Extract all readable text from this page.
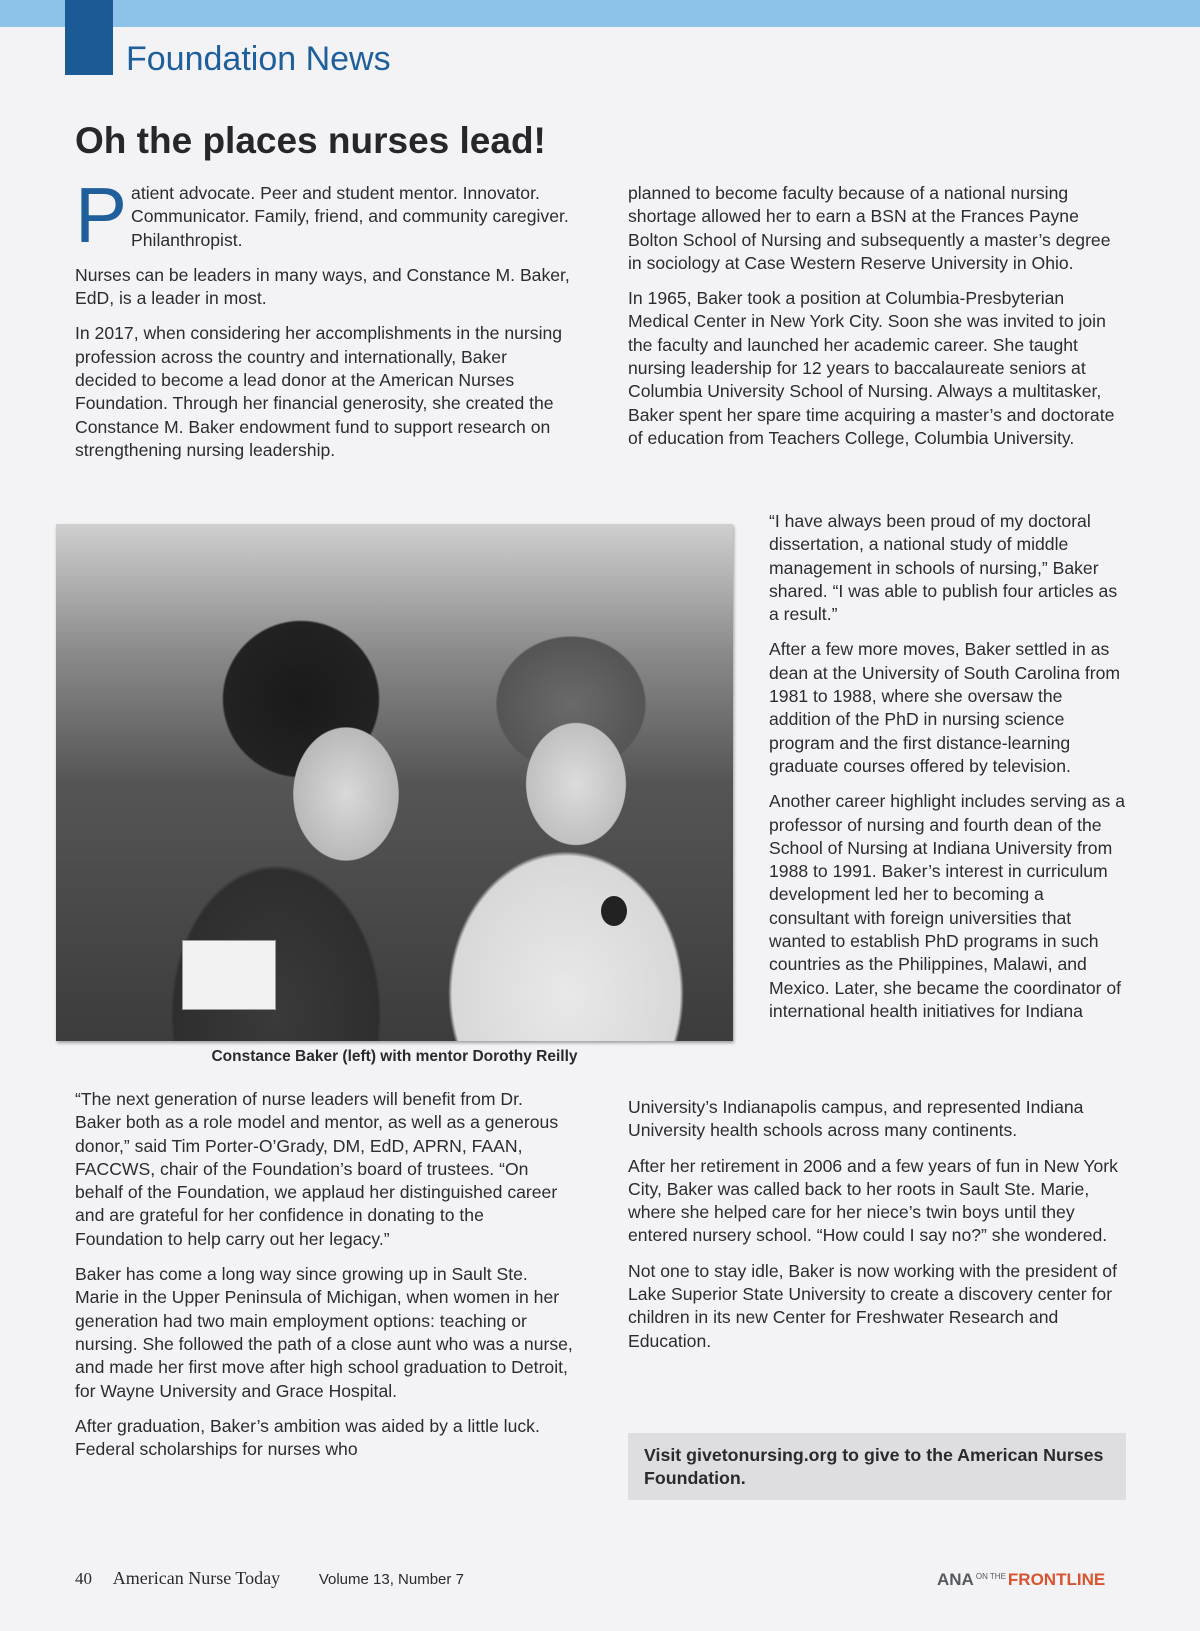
Foundation News
Oh the places nurses lead!

Patient advocate. Peer and student mentor. Innovator. Communicator. Family, friend, and community caregiver. Philanthropist.

Nurses can be leaders in many ways, and Constance M. Baker, EdD, is a leader in most.

In 2017, when considering her accomplishments in the nursing profession across the country and internationally, Baker decided to become a lead donor at the American Nurses Foundation. Through her financial generosity, she created the Constance M. Baker endowment fund to support research on strengthening nursing leadership.

Constance Baker (left) with mentor Dorothy Reilly

“The next generation of nurse leaders will benefit from Dr. Baker both as a role model and mentor, as well as a generous donor,” said Tim Porter-O’Grady, DM, EdD, APRN, FAAN, FACCWS, chair of the Foundation’s board of trustees. “On behalf of the Foundation, we applaud her distinguished career and are grateful for her confidence in donating to the Foundation to help carry out her legacy.”

Baker has come a long way since growing up in Sault Ste. Marie in the Upper Peninsula of Michigan, when women in her generation had two main employment options: teaching or nursing. She followed the path of a close aunt who was a nurse, and made her first move after high school graduation to Detroit, for Wayne University and Grace Hospital.

After graduation, Baker’s ambition was aided by a little luck. Federal scholarships for nurses who

planned to become faculty because of a national nursing shortage allowed her to earn a BSN at the Frances Payne Bolton School of Nursing and subsequently a master’s degree in sociology at Case Western Reserve University in Ohio.

In 1965, Baker took a position at Columbia-Presbyterian Medical Center in New York City. Soon she was invited to join the faculty and launched her academic career. She taught nursing leadership for 12 years to baccalaureate seniors at Columbia University School of Nursing. Always a multitasker, Baker spent her spare time acquiring a master’s and doctorate of education from Teachers College, Columbia University.

“I have always been proud of my doctoral dissertation, a national study of middle management in schools of nursing,” Baker shared. “I was able to publish four articles as a result.”

After a few more moves, Baker settled in as dean at the University of South Carolina from 1981 to 1988, where she oversaw the addition of the PhD in nursing science program and the first distance-learning graduate courses offered by television.

Another career highlight includes serving as a professor of nursing and fourth dean of the School of Nursing at Indiana University from 1988 to 1991. Baker’s interest in curriculum development led her to becoming a consultant with foreign universities that wanted to establish PhD programs in such countries as the Philippines, Malawi, and Mexico. Later, she became the coordinator of international health initiatives for Indiana

University’s Indianapolis campus, and represented Indiana University health schools across many continents.

After her retirement in 2006 and a few years of fun in New York City, Baker was called back to her roots in Sault Ste. Marie, where she helped care for her niece’s twin boys until they entered nursery school. “How could I say no?” she wondered.

Not one to stay idle, Baker is now working with the president of Lake Superior State University to create a discovery center for children in its new Center for Freshwater Research and Education.

Visit givetonursing.org to give to the American Nurses Foundation.
40 American Nurse Today	Volume 13, Number 7	ANA $^{ON THE}$ FRONTLINE
